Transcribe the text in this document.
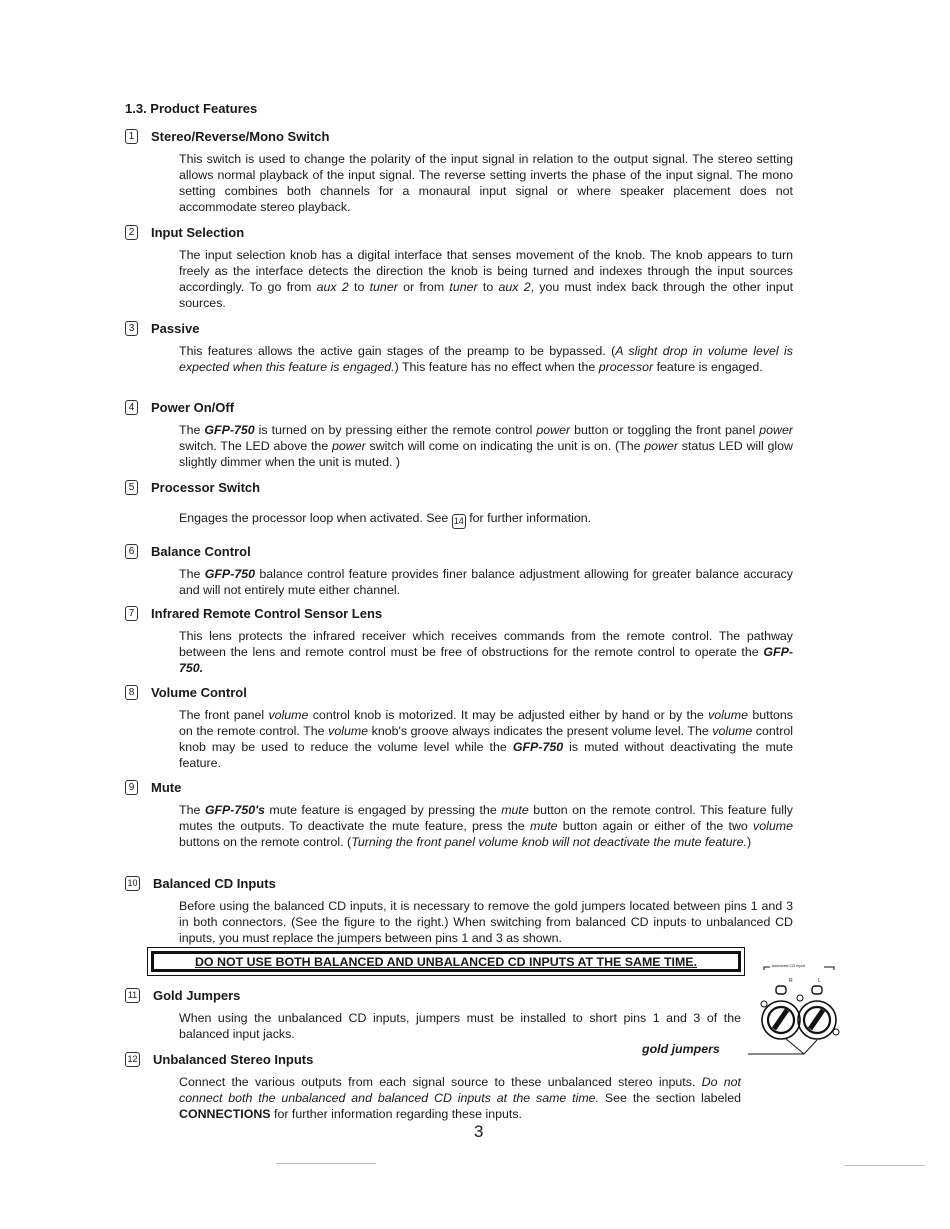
1.3. Product Features
1 Stereo/Reverse/Mono Switch
This switch is used to change the polarity of the input signal in relation to the output signal. The stereo setting allows normal playback of the input signal. The reverse setting inverts the phase of the input signal. The mono setting combines both channels for a monaural input signal or where speaker placement does not accommodate stereo playback.
2 Input Selection
The input selection knob has a digital interface that senses movement of the knob. The knob appears to turn freely as the interface detects the direction the knob is being turned and indexes through the input sources accordingly. To go from aux 2 to tuner or from tuner to aux 2, you must index back through the other input sources.
3 Passive
This features allows the active gain stages of the preamp to be bypassed. (A slight drop in volume level is expected when this feature is engaged.) This feature has no effect when the processor feature is engaged.
4 Power On/Off
The GFP-750 is turned on by pressing either the remote control power button or toggling the front panel power switch. The LED above the power switch will come on indicating the unit is on. (The power status LED will glow slightly dimmer when the unit is muted. )
5 Processor Switch
Engages the processor loop when activated. See 14 for further information.
6 Balance Control
The GFP-750 balance control feature provides finer balance adjustment allowing for greater balance accuracy and will not entirely mute either channel.
7 Infrared Remote Control Sensor Lens
This lens protects the infrared receiver which receives commands from the remote control. The pathway between the lens and remote control must be free of obstructions for the remote control to operate the GFP-750.
8 Volume Control
The front panel volume control knob is motorized. It may be adjusted either by hand or by the volume buttons on the remote control. The volume knob's groove always indicates the present volume level. The volume control knob may be used to reduce the volume level while the GFP-750 is muted without deactivating the mute feature.
9 Mute
The GFP-750's mute feature is engaged by pressing the mute button on the remote control. This feature fully mutes the outputs. To deactivate the mute feature, press the mute button again or either of the two volume buttons on the remote control. (Turning the front panel volume knob will not deactivate the mute feature.)
10 Balanced CD Inputs
Before using the balanced CD inputs, it is necessary to remove the gold jumpers located between pins 1 and 3 in both connectors. (See the figure to the right.) When switching from balanced CD inputs to unbalanced CD inputs, you must replace the jumpers between pins 1 and 3 as shown.
DO NOT USE BOTH BALANCED AND UNBALANCED CD INPUTS AT THE SAME TIME.
11 Gold Jumpers
When using the unbalanced CD inputs, jumpers must be installed to short pins 1 and 3 of the balanced input jacks.
gold jumpers
12 Unbalanced Stereo Inputs
Connect the various outputs from each signal source to these unbalanced stereo inputs. Do not connect both the unbalanced and balanced CD inputs at the same time. See the section labeled CONNECTIONS for further information regarding these inputs.
balanced CD input
R	L
3
